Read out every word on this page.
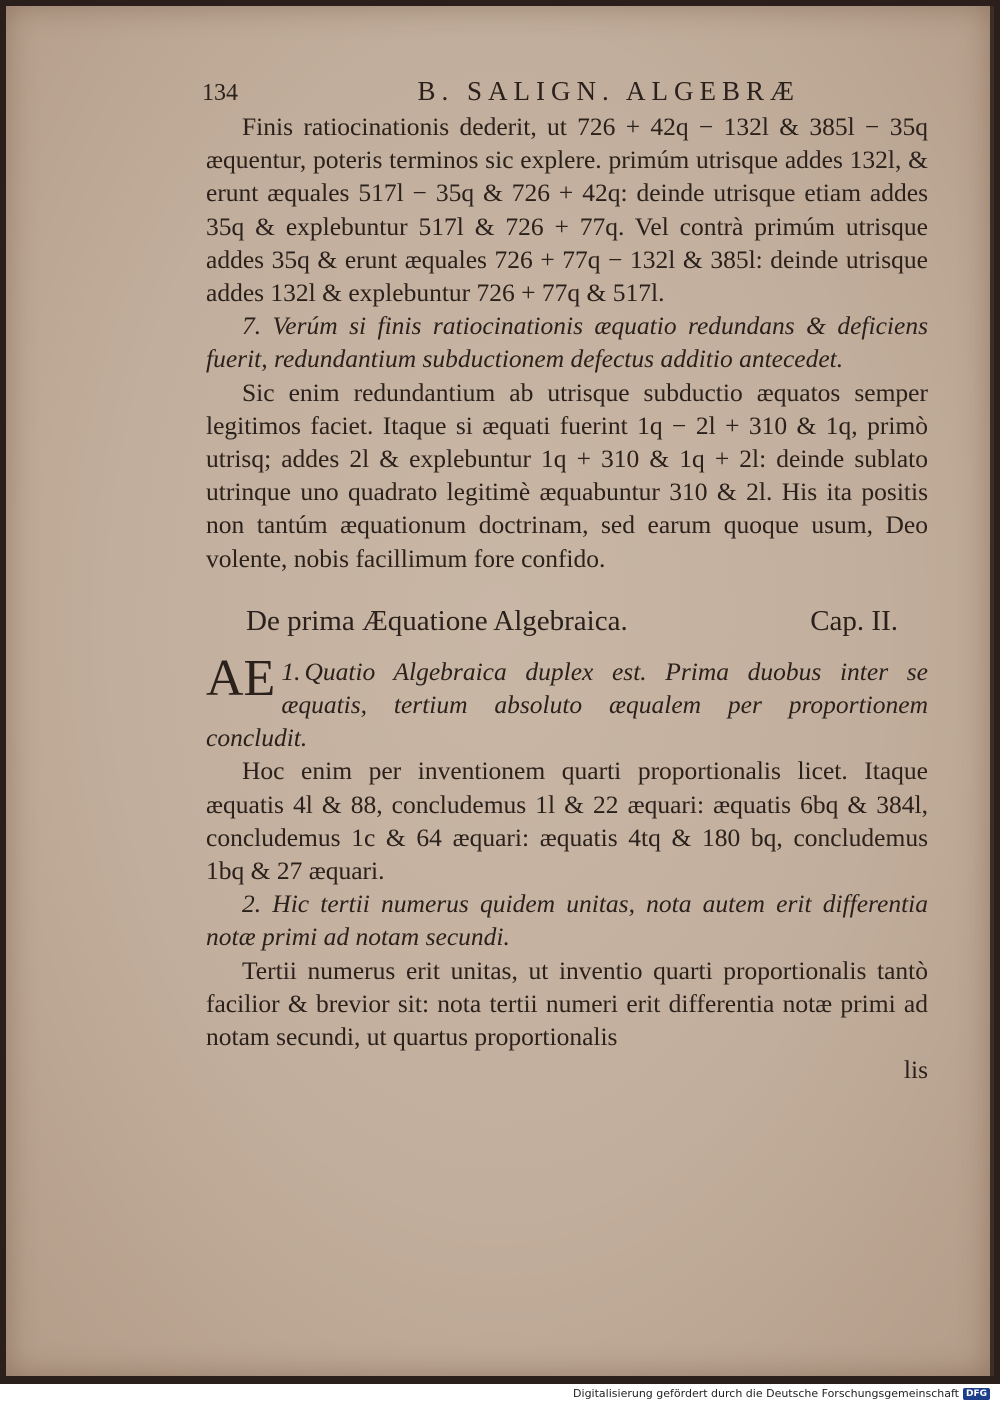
134	B. SALIGN. ALGEBRÆ

Finis ratiocinationis dederit, ut 726 + 42q − 132l & 385l − 35q æquentur, poteris terminos sic explere. primúm utrisque addes 132l, & erunt æquales 517l − 35q & 726 + 42q: deinde utrisque etiam addes 35q & explebuntur 517l & 726 + 77q. Vel contrà primúm utrisque addes 35q & erunt æquales 726 + 77q − 132l & 385l: deinde utrisque addes 132l & explebuntur 726 + 77q & 517l.

7. Verúm si finis ratiocinationis æquatio redundans & deficiens fuerit, redundantium subductionem defectus additio antecedet.

Sic enim redundantium ab utrisque subductio æquatos semper legitimos faciet. Itaque si æquati fuerint 1q − 2l + 310 & 1q, primò utrisq; addes 2l & explebuntur 1q + 310 & 1q + 2l: deinde sublato utrinque uno quadrato legitimè æquabuntur 310 & 2l. His ita positis non tantúm æquationum doctrinam, sed earum quoque usum, Deo volente, nobis facillimum fore confido.

De prima Æquatione Algebraica.	Cap. II.

1.
AE Quatio Algebraica duplex est. Prima duobus inter se æquatis, tertium absoluto æqualem per proportionem concludit.

Hoc enim per inventionem quarti proportionalis licet. Itaque æquatis 4l & 88, concludemus 1l & 22 æquari: æquatis 6bq & 384l, concludemus 1c & 64 æquari: æquatis 4tq & 180 bq, concludemus 1bq & 27 æquari.

2. Hic tertii numerus quidem unitas, nota autem erit differentia notæ primi ad notam secundi.

Tertii numerus erit unitas, ut inventio quarti proportionalis tantò facilior & brevior sit: nota tertii numeri erit differentia notæ primi ad notam secundi, ut quartus proportionalis

lis

Digitalisierung gefördert durch die Deutsche Forschungsgemeinschaft DFG
